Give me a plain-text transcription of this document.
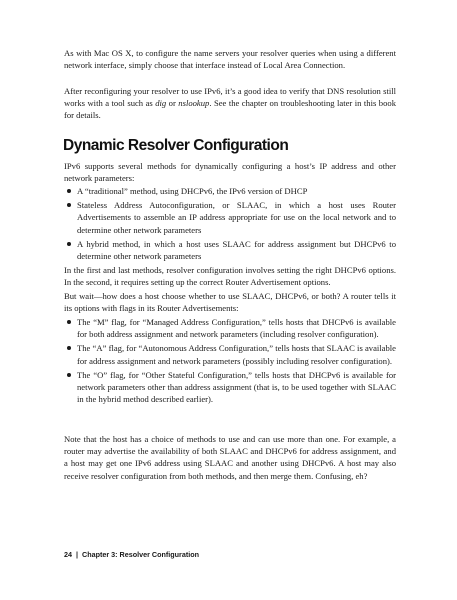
As with Mac OS X, to configure the name servers your resolver queries when using a different network interface, simply choose that interface instead of Local Area Connection.

After reconfiguring your resolver to use IPv6, it’s a good idea to verify that DNS resolution still works with a tool such as dig or nslookup. See the chapter on troubleshooting later in this book for details.

Dynamic Resolver Configuration

IPv6 supports several methods for dynamically configuring a host’s IP address and other network parameters:

A “traditional” method, using DHCPv6, the IPv6 version of DHCP
Stateless Address Autoconfiguration, or SLAAC, in which a host uses Router Advertisements to assemble an IP address appropriate for use on the local network and to determine other network parameters
A hybrid method, in which a host uses SLAAC for address assignment but DHCPv6 to determine other network parameters

In the first and last methods, resolver configuration involves setting the right DHCPv6 options. In the second, it requires setting up the correct Router Advertisement options.

But wait—how does a host choose whether to use SLAAC, DHCPv6, or both? A router tells it its options with flags in its Router Advertisements:

The “M” flag, for “Managed Address Configuration,” tells hosts that DHCPv6 is available for both address assignment and network parameters (including resolver configuration).
The “A” flag, for “Autonomous Address Configuration,” tells hosts that SLAAC is available for address assignment and network parameters (possibly including resolver configuration).
The “O” flag, for “Other Stateful Configuration,” tells hosts that DHCPv6 is available for network parameters other than address assignment (that is, to be used together with SLAAC in the hybrid method described earlier).

Note that the host has a choice of methods to use and can use more than one. For example, a router may advertise the availability of both SLAAC and DHCPv6 for address assignment, and a host may get one IPv6 address using SLAAC and another using DHCPv6. A host may also receive resolver configuration from both methods, and then merge them. Confusing, eh?

24 | Chapter 3: Resolver Configuration
